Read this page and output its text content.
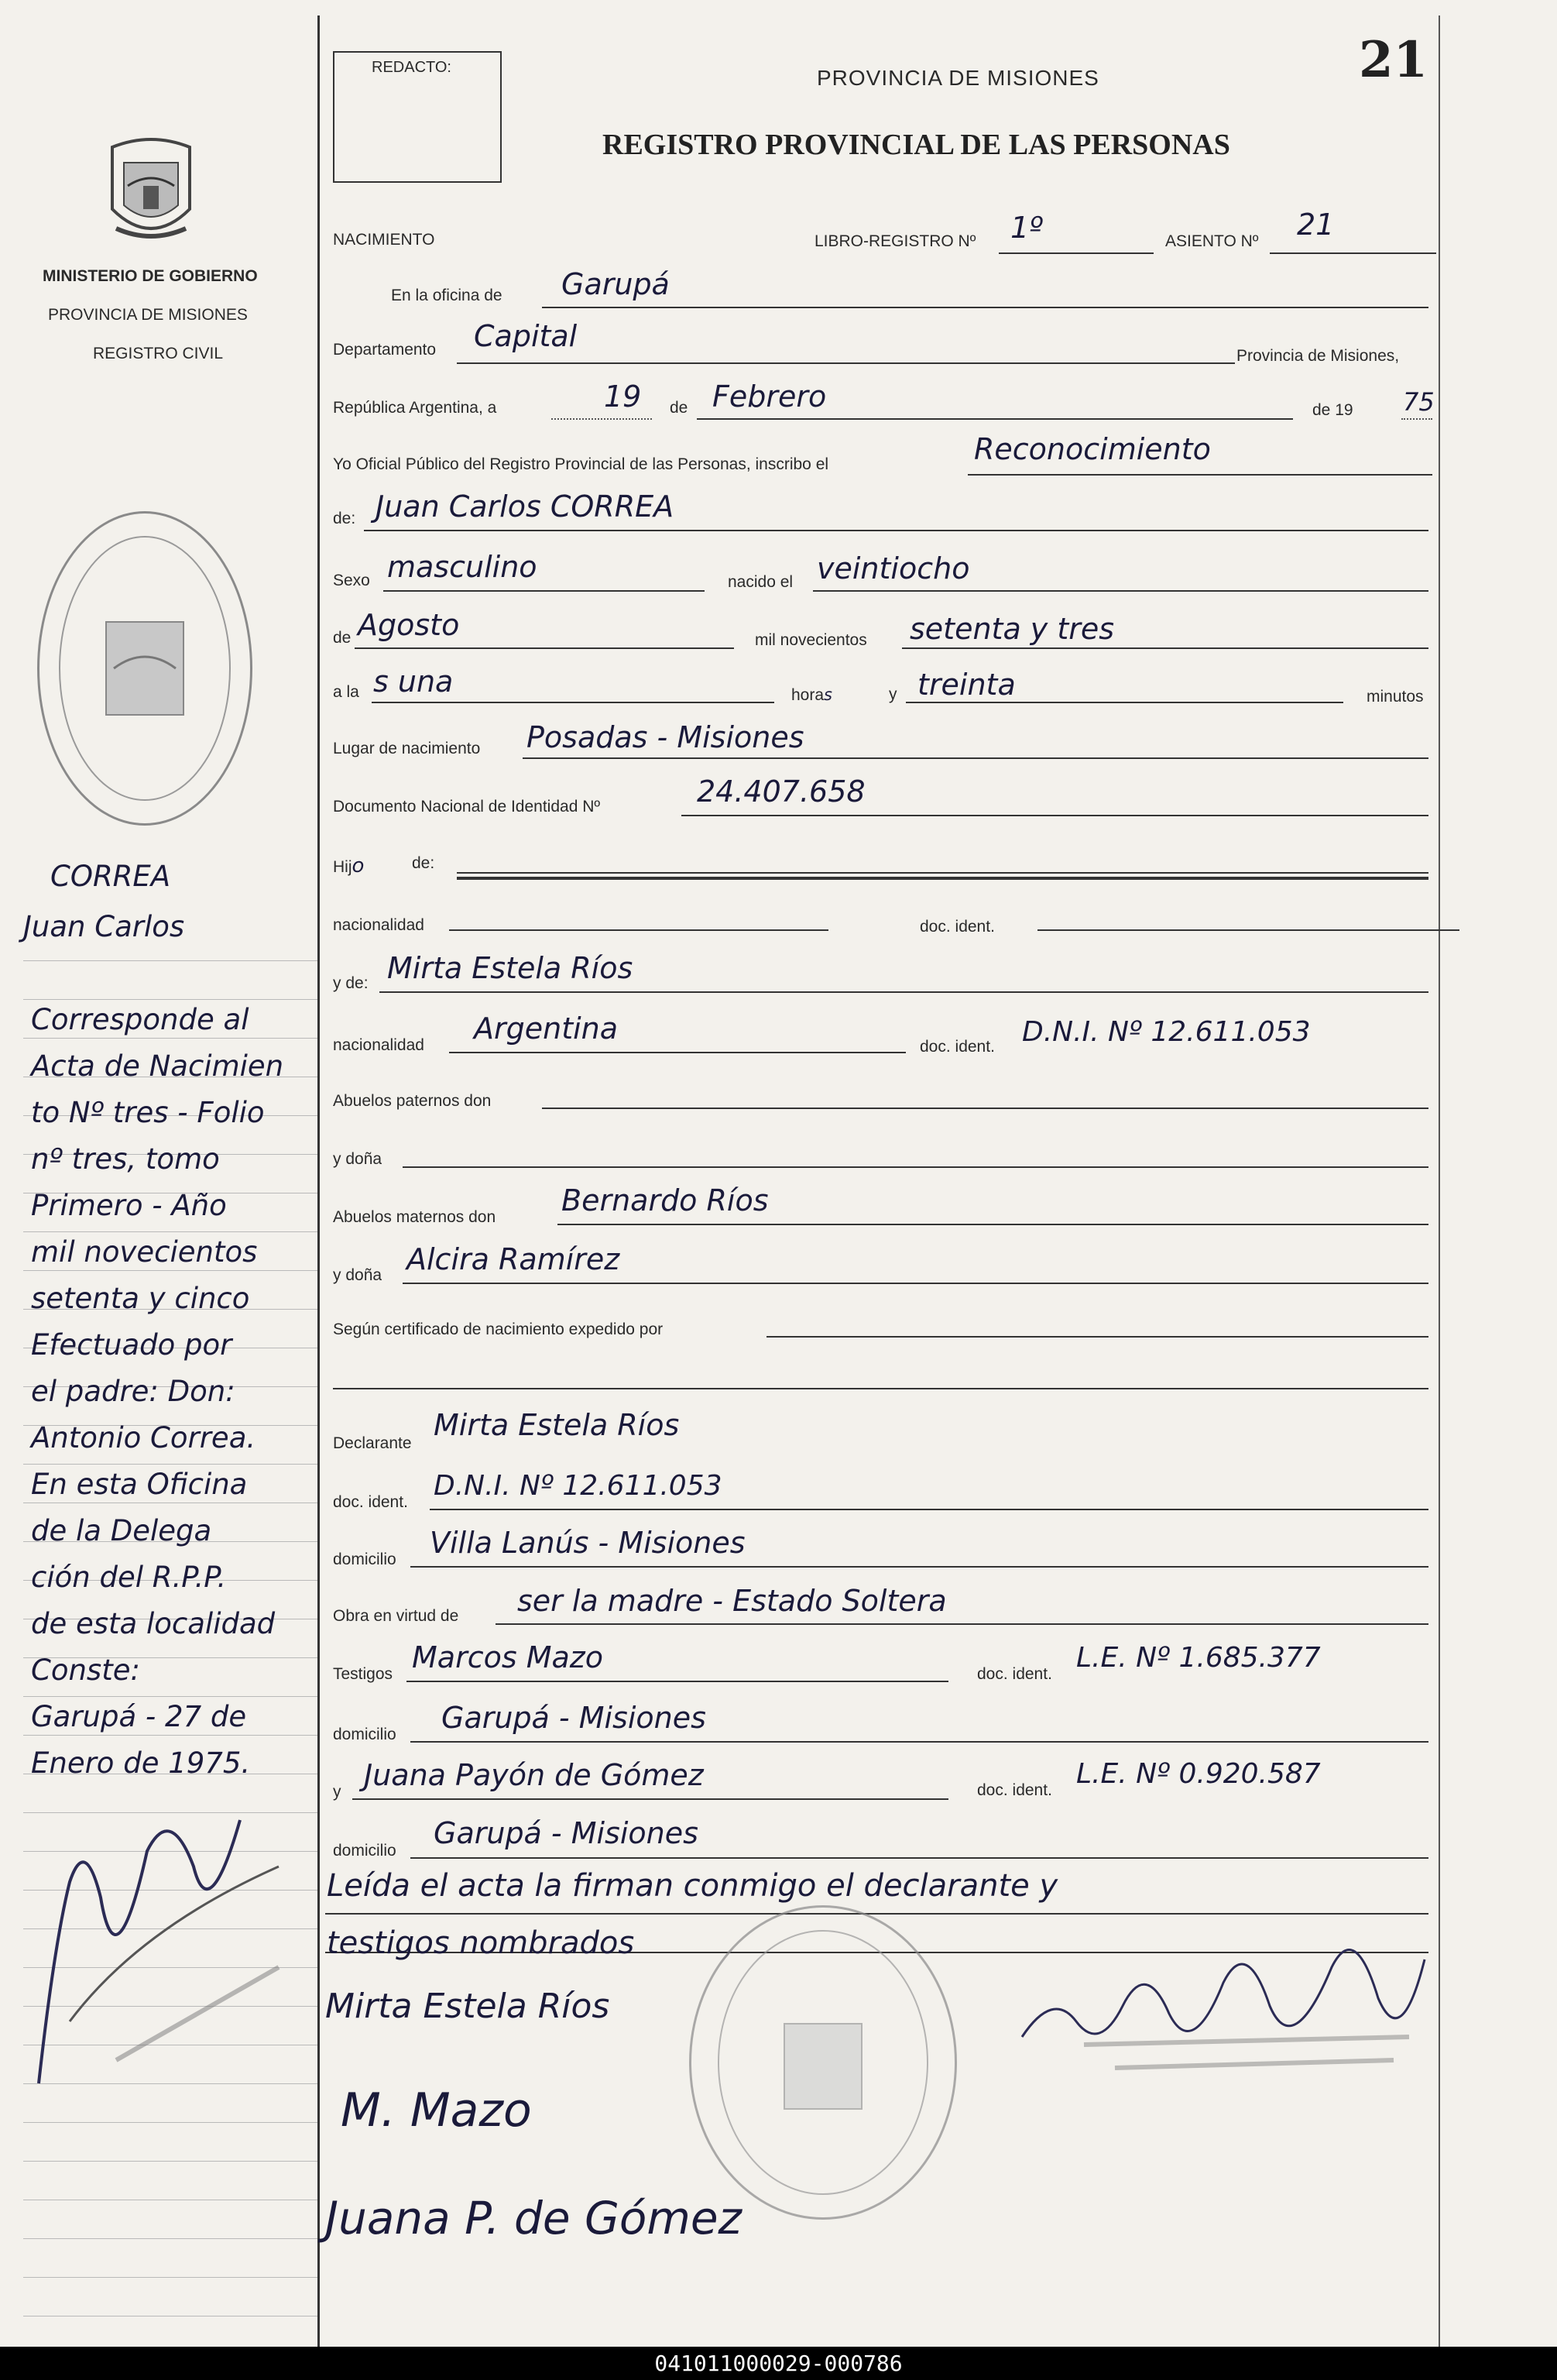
MINISTERIO DE GOBIERNO
PROVINCIA DE MISIONES
REGISTRO CIVIL
CORREA
Juan Carlos
Corresponde al
Acta de Nacimien
to Nº tres - Folio
nº tres, tomo
Primero - Año
mil novecientos
setenta y cinco
Efectuado por
el padre: Don:
Antonio Correa.
En esta Oficina
de la Delega
ción del R.P.P.
de esta localidad
Conste:
Garupá - 27 de
Enero de 1975.
REDACTO:	PROVINCIA DE MISIONES	21
REGISTRO PROVINCIAL DE LAS PERSONAS
NACIMIENTO	LIBRO-REGISTRO Nº 1º	ASIENTO Nº 21
En la oficina de Garupá
Departamento Capital
Provincia de Misiones,
República Argentina, a	19 de Febrero	de 19 75
Yo Oficial Público del Registro Provincial de las Personas, inscribo el	Reconocimiento
de: Juan Carlos CORREA
Sexo masculino	nacido el veintiocho
de Agosto	mil novecientos setenta y tres
a la s una	horas	y treinta	minutos
Lugar de nacimiento Posadas - Misiones
Documento Nacional de Identidad Nº	24.407.658
Hijo	de:
nacionalidad	doc. ident.
y de: Mirta Estela Ríos
nacionalidad Argentina
doc. ident. D.N.I. Nº 12.611.053
Abuelos paternos don
y doña
Abuelos maternos don Bernardo Ríos
y doña Alcira Ramírez
Según certificado de nacimiento expedido por
Declarante
Mirta Estela Ríos
doc. ident.
D.N.I. Nº 12.611.053
domicilio Villa Lanús - Misiones
Obra en virtud de ser la madre - Estado Soltera
Testigos Marcos Mazo	doc. ident.
L.E. Nº 1.685.377
domicilio Garupá - Misiones
y Juana Payón de Gómez	doc. ident.
L.E. Nº 0.920.587
domicilio
Garupá - Misiones
Leída el acta la firman conmigo el declarante y
testigos nombrados
Mirta Estela Ríos
M. Mazo
Juana P. de Gómez
041011000029-000786
